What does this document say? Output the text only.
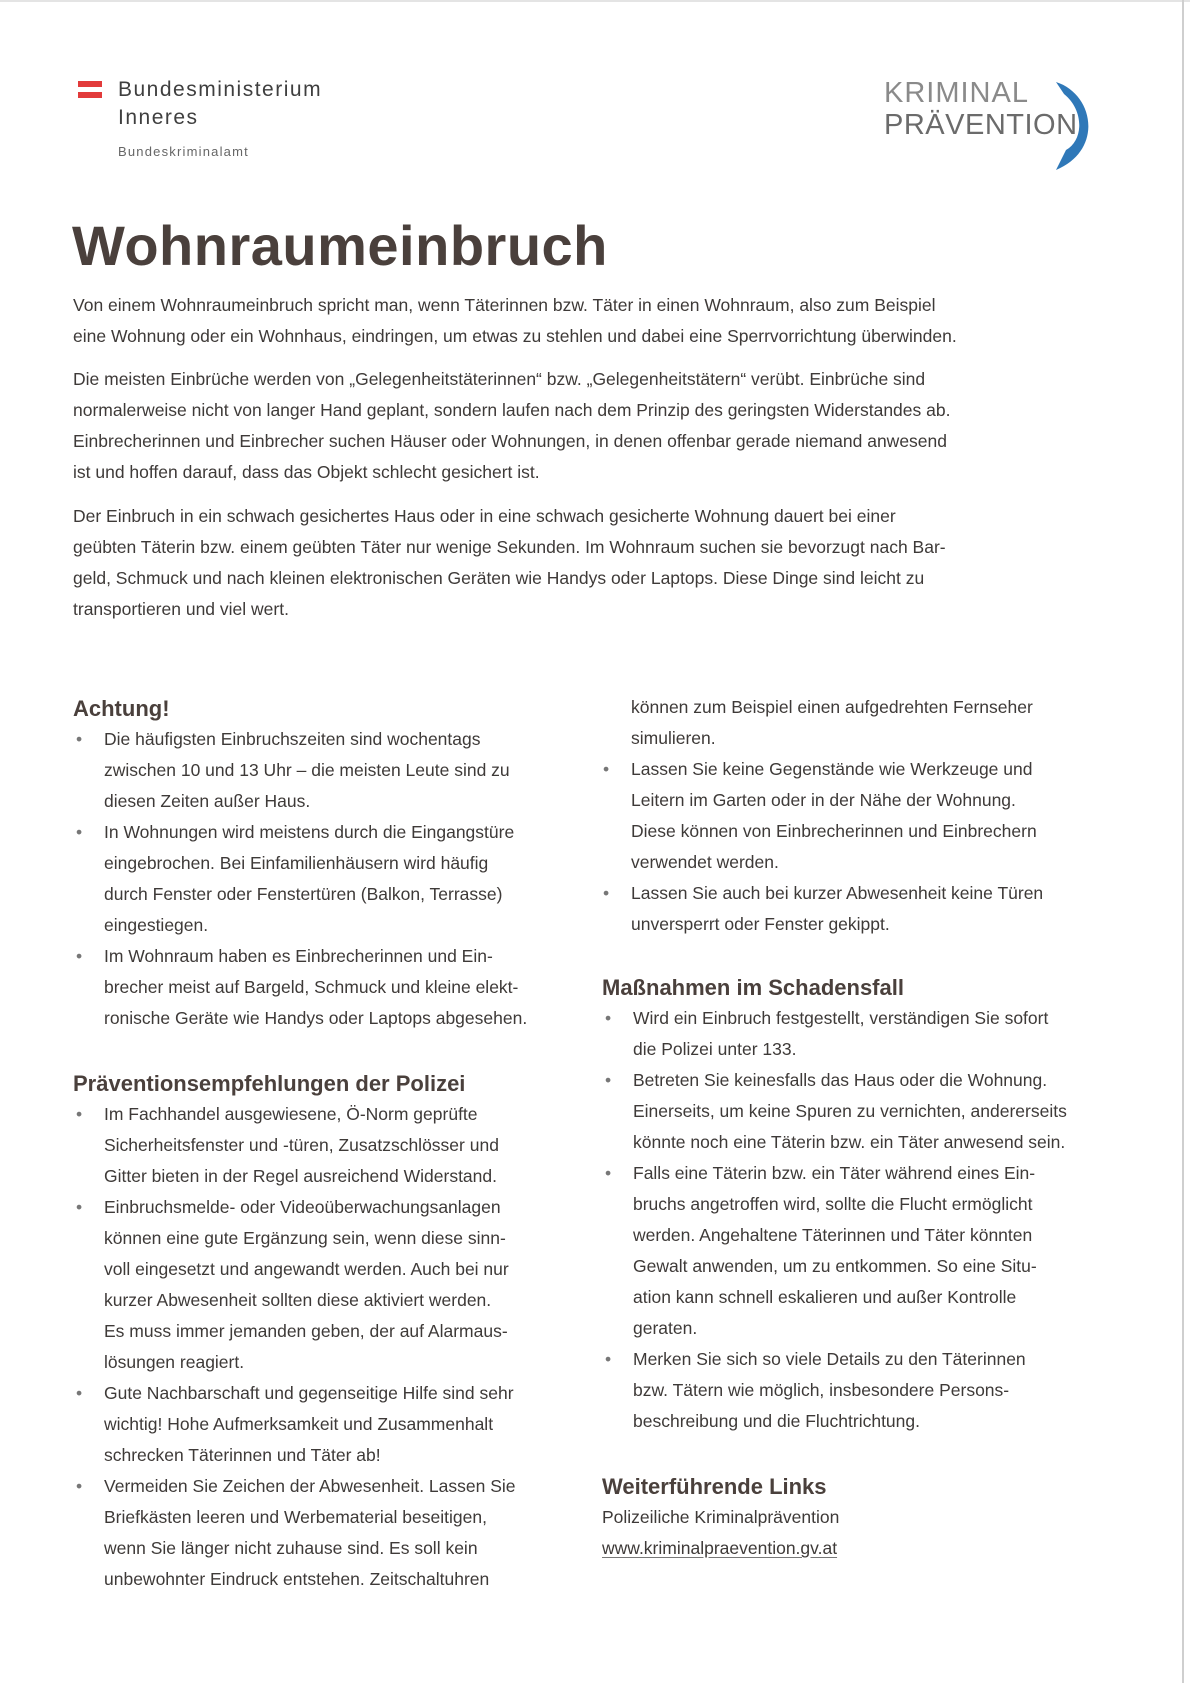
Bundesministerium
Inneres
Bundeskriminalamt
KRIMINAL
PRÄVENTION
Wohnraumeinbruch
Von einem Wohnraumeinbruch spricht man, wenn Täterinnen bzw. Täter in einen Wohnraum, also zum Beispiel
eine Wohnung oder ein Wohnhaus, eindringen, um etwas zu stehlen und dabei eine Sperrvorrichtung überwinden.
Die meisten Einbrüche werden von „Gelegenheitstäterinnen“ bzw. „Gelegenheitstätern“ verübt. Einbrüche sind
normalerweise nicht von langer Hand geplant, sondern laufen nach dem Prinzip des geringsten Widerstandes ab.
Einbrecherinnen und Einbrecher suchen Häuser oder Wohnungen, in denen offenbar gerade niemand anwesend
ist und hoffen darauf, dass das Objekt schlecht gesichert ist.
Der Einbruch in ein schwach gesichertes Haus oder in eine schwach gesicherte Wohnung dauert bei einer
geübten Täterin bzw. einem geübten Täter nur wenige Sekunden. Im Wohnraum suchen sie bevorzugt nach Bar-
geld, Schmuck und nach kleinen elektronischen Geräten wie Handys oder Laptops. Diese Dinge sind leicht zu
transportieren und viel wert.
Achtung!
• Die häufigsten Einbruchszeiten sind wochentags
zwischen 10 und 13 Uhr – die meisten Leute sind zu
diesen Zeiten außer Haus.
• In Wohnungen wird meistens durch die Eingangstüre
eingebrochen. Bei Einfamilienhäusern wird häufig
durch Fenster oder Fenstertüren (Balkon, Terrasse)
eingestiegen.
• Im Wohnraum haben es Einbrecherinnen und Ein-
brecher meist auf Bargeld, Schmuck und kleine elekt-
ronische Geräte wie Handys oder Laptops abgesehen.
Präventionsempfehlungen der Polizei
• Im Fachhandel ausgewiesene, Ö-Norm geprüfte
Sicherheitsfenster und -türen, Zusatzschlösser und
Gitter bieten in der Regel ausreichend Widerstand.
• Einbruchsmelde- oder Videoüberwachungsanlagen
können eine gute Ergänzung sein, wenn diese sinn-
voll eingesetzt und angewandt werden. Auch bei nur
kurzer Abwesenheit sollten diese aktiviert werden.
Es muss immer jemanden geben, der auf Alarmaus-
lösungen reagiert.
• Gute Nachbarschaft und gegenseitige Hilfe sind sehr
wichtig! Hohe Aufmerksamkeit und Zusammenhalt
schrecken Täterinnen und Täter ab!
• Vermeiden Sie Zeichen der Abwesenheit. Lassen Sie
Briefkästen leeren und Werbematerial beseitigen,
wenn Sie länger nicht zuhause sind. Es soll kein
unbewohnter Eindruck entstehen. Zeitschaltuhren
können zum Beispiel einen aufgedrehten Fernseher
simulieren.
• Lassen Sie keine Gegenstände wie Werkzeuge und
Leitern im Garten oder in der Nähe der Wohnung.
Diese können von Einbrecherinnen und Einbrechern
verwendet werden.
• Lassen Sie auch bei kurzer Abwesenheit keine Türen
unversperrt oder Fenster gekippt.
Maßnahmen im Schadensfall
• Wird ein Einbruch festgestellt, verständigen Sie sofort
die Polizei unter 133.
• Betreten Sie keinesfalls das Haus oder die Wohnung.
Einerseits, um keine Spuren zu vernichten, andererseits
könnte noch eine Täterin bzw. ein Täter anwesend sein.
• Falls eine Täterin bzw. ein Täter während eines Ein-
bruchs angetroffen wird, sollte die Flucht ermöglicht
werden. Angehaltene Täterinnen und Täter könnten
Gewalt anwenden, um zu entkommen. So eine Situ-
ation kann schnell eskalieren und außer Kontrolle
geraten.
• Merken Sie sich so viele Details zu den Täterinnen
bzw. Tätern wie möglich, insbesondere Persons-
beschreibung und die Fluchtrichtung.
Weiterführende Links
Polizeiliche Kriminalprävention
www.kriminalpraevention.gv.at
